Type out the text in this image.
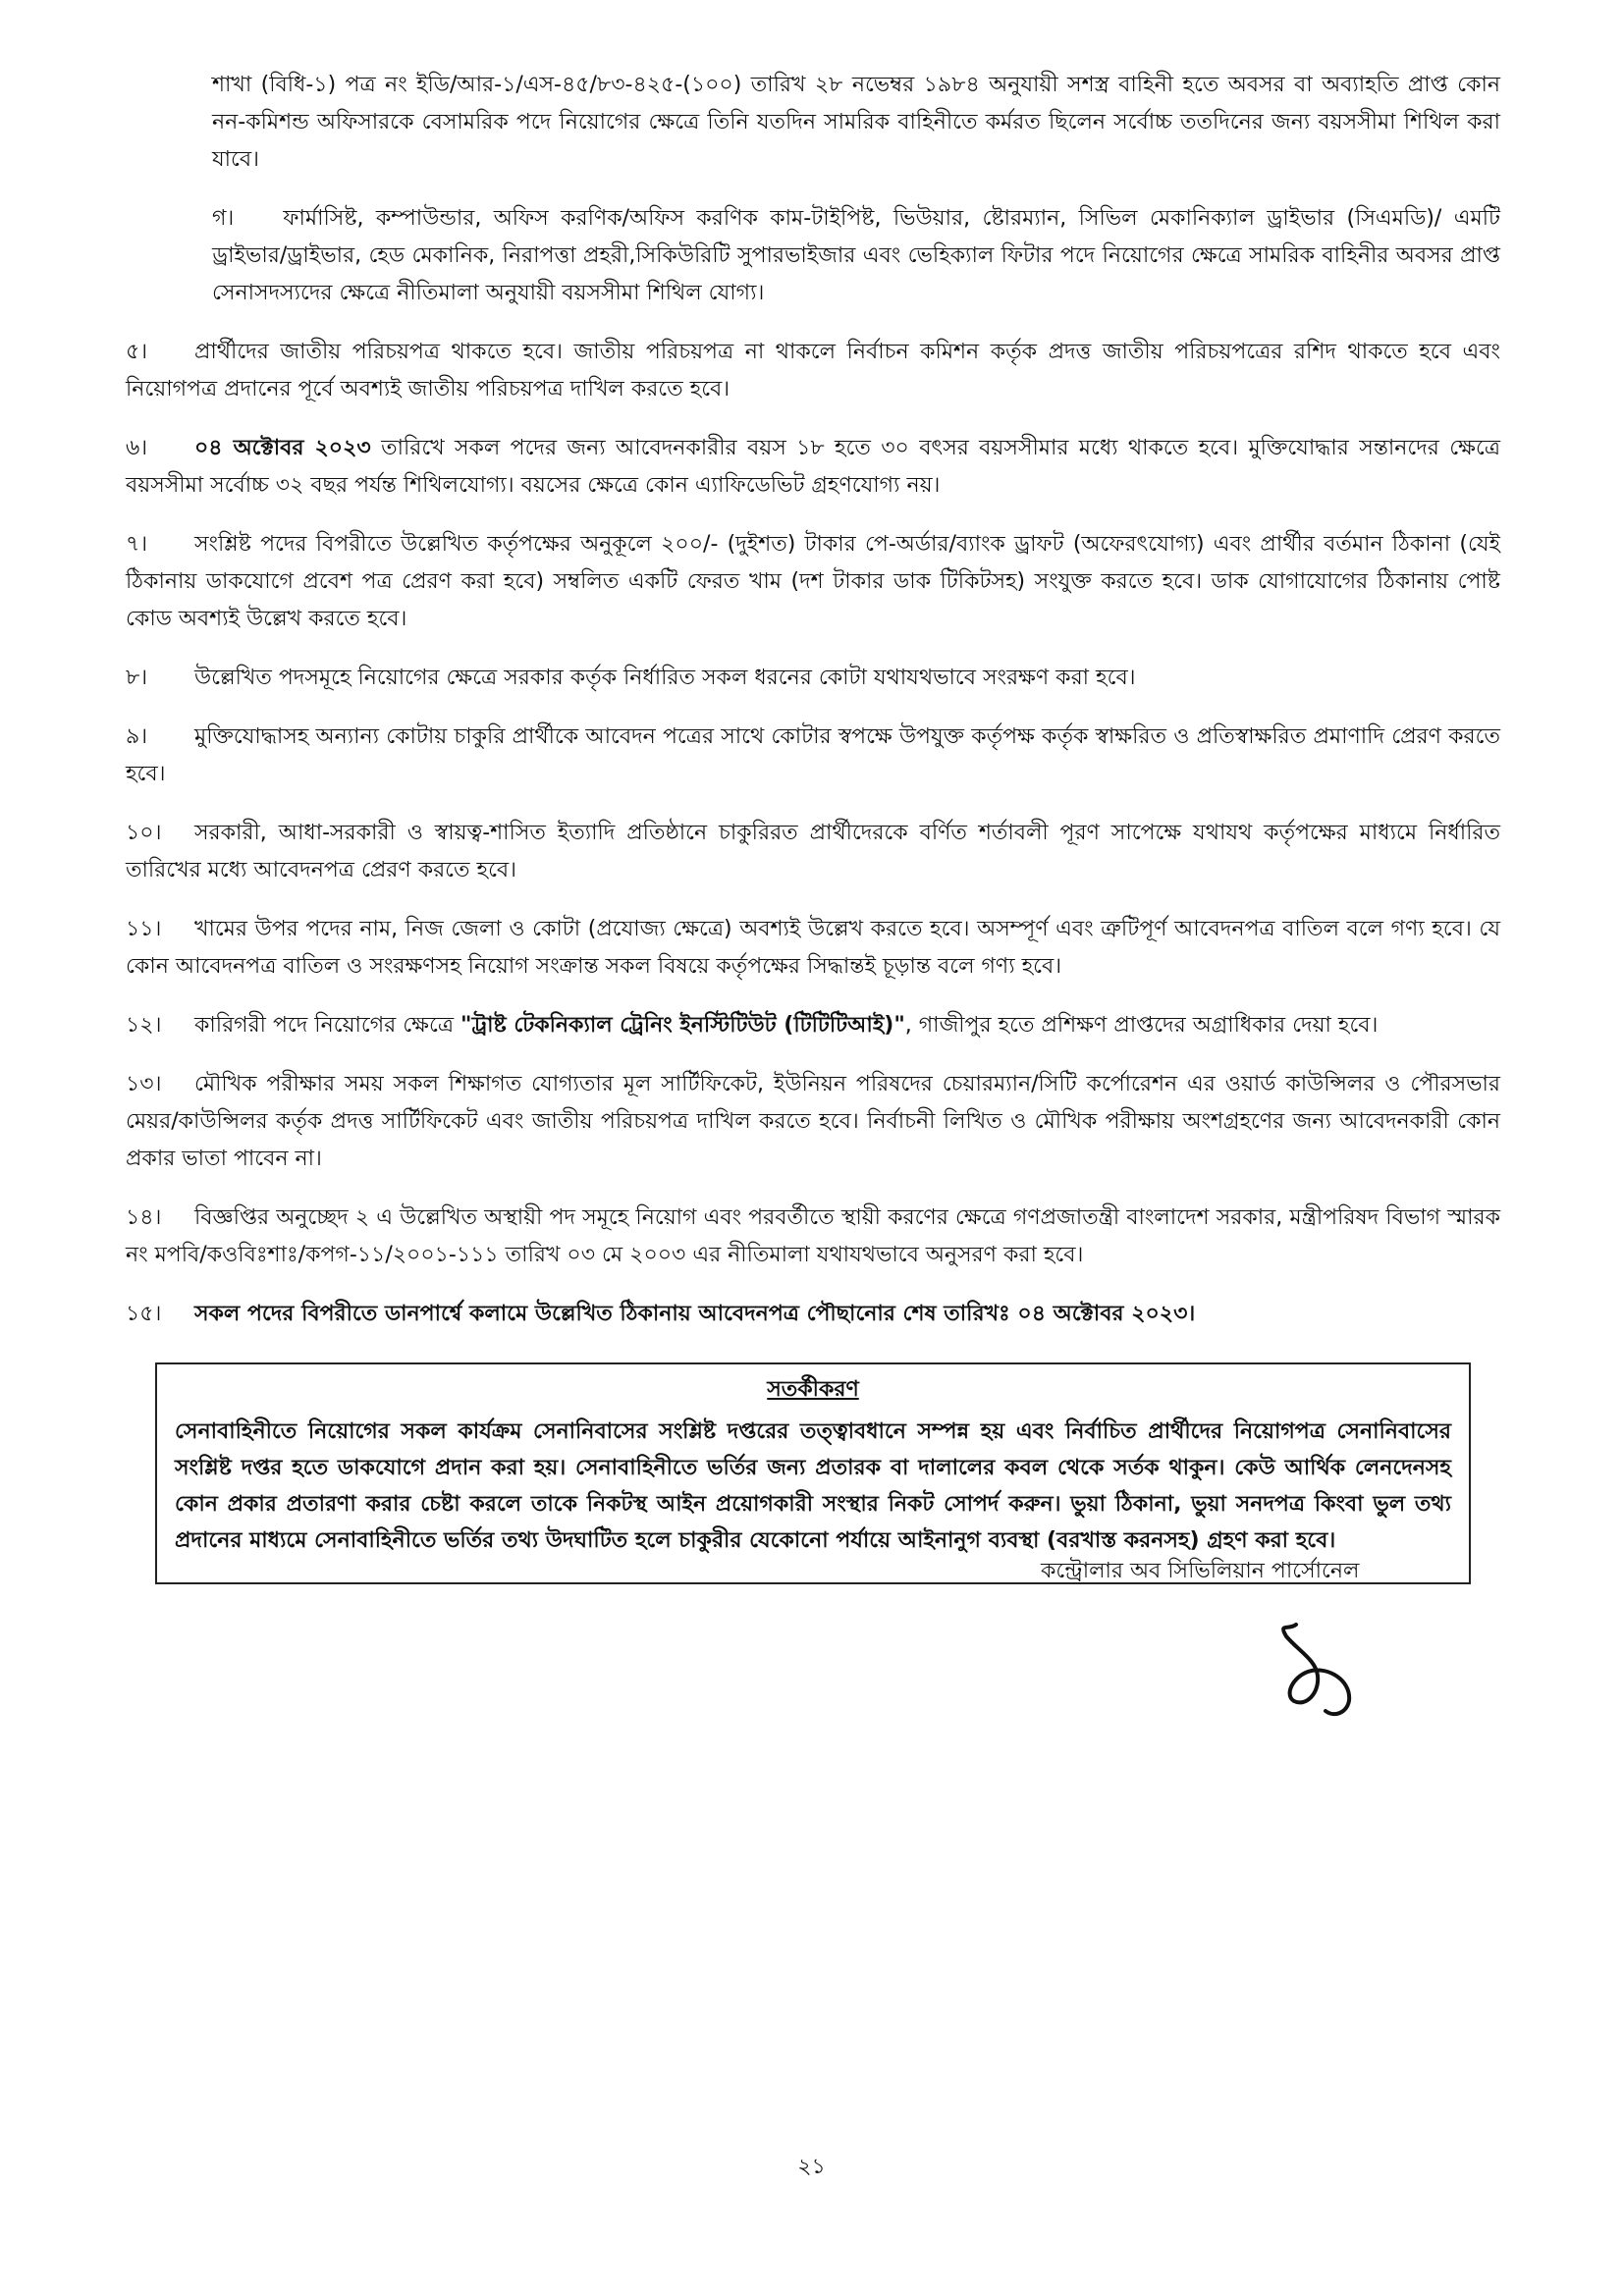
শাখা (বিধি-১) পত্র নং ইডি/আর-১/এস-৪৫/৮৩-৪২৫-(১০০) তারিখ ২৮ নভেম্বর ১৯৮৪ অনুযায়ী সশস্ত্র বাহিনী হতে অবসর বা অব্যাহতি প্রাপ্ত কোন নন-কমিশন্ড অফিসারকে বেসামরিক পদে নিয়োগের ক্ষেত্রে তিনি যতদিন সামরিক বাহিনীতে কর্মরত ছিলেন সর্বোচ্চ ততদিনের জন্য বয়সসীমা শিথিল করা যাবে।

গ। ফার্মাসিষ্ট, কম্পাউন্ডার, অফিস করণিক/অফিস করণিক কাম-টাইপিষ্ট, ভিউয়ার, ষ্টোরম্যান, সিভিল মেকানিক্যাল ড্রাইভার (সিএমডি)/ এমটি ড্রাইভার/ড্রাইভার, হেড মেকানিক, নিরাপত্তা প্রহরী,সিকিউরিটি সুপারভাইজার এবং ভেহিক্যাল ফিটার পদে নিয়োগের ক্ষেত্রে সামরিক বাহিনীর অবসর প্রাপ্ত সেনাসদস্যদের ক্ষেত্রে নীতিমালা অনুযায়ী বয়সসীমা শিথিল যোগ্য।

৫। প্রার্থীদের জাতীয় পরিচয়পত্র থাকতে হবে। জাতীয় পরিচয়পত্র না থাকলে নির্বাচন কমিশন কর্তৃক প্রদত্ত জাতীয় পরিচয়পত্রের রশিদ থাকতে হবে এবং নিয়োগপত্র প্রদানের পূর্বে অবশ্যই জাতীয় পরিচয়পত্র দাখিল করতে হবে।

৬। ০৪ অক্টোবর ২০২৩ তারিখে সকল পদের জন্য আবেদনকারীর বয়স ১৮ হতে ৩০ বৎসর বয়সসীমার মধ্যে থাকতে হবে। মুক্তিযোদ্ধার সন্তানদের ক্ষেত্রে বয়সসীমা সর্বোচ্চ ৩২ বছর পর্যন্ত শিথিলযোগ্য। বয়সের ক্ষেত্রে কোন এ্যাফিডেভিট গ্রহণযোগ্য নয়।

৭। সংশ্লিষ্ট পদের বিপরীতে উল্লেখিত কর্তৃপক্ষের অনুকূলে ২০০/- (দুইশত) টাকার পে-অর্ডার/ব্যাংক ড্রাফট (অফেরৎযোগ্য) এবং প্রার্থীর বর্তমান ঠিকানা (যেই ঠিকানায় ডাকযোগে প্রবেশ পত্র প্রেরণ করা হবে) সম্বলিত একটি ফেরত খাম (দশ টাকার ডাক টিকিটসহ) সংযুক্ত করতে হবে। ডাক যোগাযোগের ঠিকানায় পোষ্ট কোড অবশ্যই উল্লেখ করতে হবে।

৮। উল্লেখিত পদসমূহে নিয়োগের ক্ষেত্রে সরকার কর্তৃক নির্ধারিত সকল ধরনের কোটা যথাযথভাবে সংরক্ষণ করা হবে।

৯। মুক্তিযোদ্ধাসহ অন্যান্য কোটায় চাকুরি প্রার্থীকে আবেদন পত্রের সাথে কোটার স্বপক্ষে উপযুক্ত কর্তৃপক্ষ কর্তৃক স্বাক্ষরিত ও প্রতিস্বাক্ষরিত প্রমাণাদি প্রেরণ করতে হবে।

১০। সরকারী, আধা-সরকারী ও স্বায়ত্ব-শাসিত ইত্যাদি প্রতিষ্ঠানে চাকুরিরত প্রার্থীদেরকে বর্ণিত শর্তাবলী পূরণ সাপেক্ষে যথাযথ কর্তৃপক্ষের মাধ্যমে নির্ধারিত তারিখের মধ্যে আবেদনপত্র প্রেরণ করতে হবে।

১১। খামের উপর পদের নাম, নিজ জেলা ও কোটা (প্রযোজ্য ক্ষেত্রে) অবশ্যই উল্লেখ করতে হবে। অসম্পূর্ণ এবং ত্রুটিপূর্ণ আবেদনপত্র বাতিল বলে গণ্য হবে। যে কোন আবেদনপত্র বাতিল ও সংরক্ষণসহ নিয়োগ সংক্রান্ত সকল বিষয়ে কর্তৃপক্ষের সিদ্ধান্তই চূড়ান্ত বলে গণ্য হবে।

১২। কারিগরী পদে নিয়োগের ক্ষেত্রে "ট্রাষ্ট টেকনিক্যাল ট্রেনিং ইনস্টিটিউট (টিটিটিআই)", গাজীপুর হতে প্রশিক্ষণ প্রাপ্তদের অগ্রাধিকার দেয়া হবে।

১৩। মৌখিক পরীক্ষার সময় সকল শিক্ষাগত যোগ্যতার মূল সার্টিফিকেট, ইউনিয়ন পরিষদের চেয়ারম্যান/সিটি কর্পোরেশন এর ওয়ার্ড কাউন্সিলর ও পৌরসভার মেয়র/কাউন্সিলর কর্তৃক প্রদত্ত সার্টিফিকেট এবং জাতীয় পরিচয়পত্র দাখিল করতে হবে। নির্বাচনী লিখিত ও মৌখিক পরীক্ষায় অংশগ্রহণের জন্য আবেদনকারী কোন প্রকার ভাতা পাবেন না।

১৪। বিজ্ঞপ্তির অনুচ্ছেদ ২ এ উল্লেখিত অস্থায়ী পদ সমূহে নিয়োগ এবং পরবর্তীতে স্থায়ী করণের ক্ষেত্রে গণপ্রজাতন্ত্রী বাংলাদেশ সরকার, মন্ত্রীপরিষদ বিভাগ স্মারক নং মপবি/কওবিঃশাঃ/কপগ-১১/২০০১-১১১ তারিখ ০৩ মে ২০০৩ এর নীতিমালা যথাযথভাবে অনুসরণ করা হবে।

১৫। সকল পদের বিপরীতে ডানপার্শ্বে কলামে উল্লেখিত ঠিকানায় আবেদনপত্র পৌছানোর শেষ তারিখঃ ০৪ অক্টোবর ২০২৩।

সতর্কীকরণ

সেনাবাহিনীতে নিয়োগের সকল কার্যক্রম সেনানিবাসের সংশ্লিষ্ট দপ্তরের তত্ত্বাবধানে সম্পন্ন হয় এবং নির্বাচিত প্রার্থীদের নিয়োগপত্র সেনানিবাসের সংশ্লিষ্ট দপ্তর হতে ডাকযোগে প্রদান করা হয়। সেনাবাহিনীতে ভর্তির জন্য প্রতারক বা দালালের কবল থেকে সর্তক থাকুন। কেউ আর্থিক লেনদেনসহ কোন প্রকার প্রতারণা করার চেষ্টা করলে তাকে নিকটস্থ আইন প্রয়োগকারী সংস্থার নিকট সোপর্দ করুন। ভুয়া ঠিকানা, ভুয়া সনদপত্র কিংবা ভুল তথ্য প্রদানের মাধ্যমে সেনাবাহিনীতে ভর্তির তথ্য উদঘাটিত হলে চাকুরীর যেকোনো পর্যায়ে আইনানুগ ব্যবস্থা (বরখাস্ত করনসহ) গ্রহণ করা হবে।

কন্ট্রোলার অব সিভিলিয়ান পার্সোনেল

২১
